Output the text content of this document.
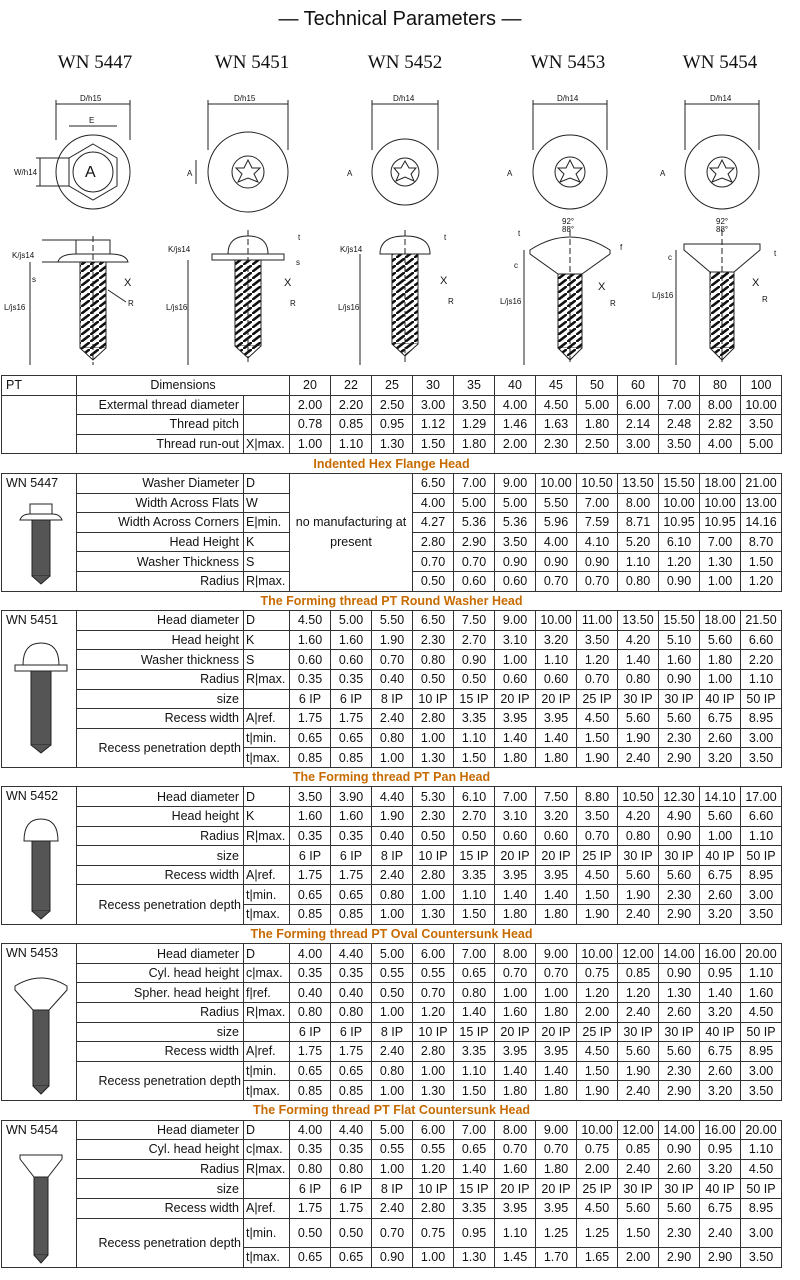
— Technical Parameters —
WN 5447	WN 5451	WN 5452	WN 5453	WN 5454
A
D/h15
E
W/h14
K/js14
s
L/js16
X
R
D/h15
A
K/js14
t
s
L/js16
X
R
D/h14
A
K/js14
t
L/js16
X
R
D/h14
A
92°
88°
t
c
f
L/js16
X
R
D/h14
A
92°
88°
c	t
L/js16
X
R
PT	Dimensions		20	22	25	30	35	40	45	50	60	70	80	100
	Extermal thread diameter		2.00	2.20	2.50	3.00	3.50	4.00	4.50	5.00	6.00	7.00	8.00	10.00
	Thread pitch		0.78	0.85	0.95	1.12	1.29	1.46	1.63	1.80	2.14	2.48	2.82	3.50
	Thread run-out	X|max.	1.00	1.10	1.30	1.50	1.80	2.00	2.30	2.50	3.00	3.50	4.00	5.00
Indented Hex Flange Head														

WN 5447	Washer Diameter	D	no manufacturing at present			6.50	7.00	9.00	10.00	10.50	13.50	15.50	18.00	21.00
	Width Across Flats	W				4.00	5.00	5.00	5.50	7.00	8.00	10.00	10.00	13.00
	Width Across Corners	E|min.				4.27	5.36	5.36	5.96	7.59	8.71	10.95	10.95	14.16
	Head Height	K				2.80	2.90	3.50	4.00	4.10	5.20	6.10	7.00	8.70
	Washer Thickness	S				0.70	0.70	0.90	0.90	0.90	1.10	1.20	1.30	1.50
	Radius	R|max.				0.50	0.60	0.60	0.70	0.70	0.80	0.90	1.00	1.20
The Forming thread PT Round Washer Head														

WN 5451	Head diameter	D	4.50	5.00	5.50	6.50	7.50	9.00	10.00	11.00	13.50	15.50	18.00	21.50
	Head height	K	1.60	1.60	1.90	2.30	2.70	3.10	3.20	3.50	4.20	5.10	5.60	6.60
	Washer thickness	S	0.60	0.60	0.70	0.80	0.90	1.00	1.10	1.20	1.40	1.60	1.80	2.20
	Radius	R|max.	0.35	0.35	0.40	0.50	0.50	0.60	0.60	0.70	0.80	0.90	1.00	1.10
	size		6 IP	6 IP	8 IP	10 IP	15 IP	20 IP	20 IP	25 IP	30 IP	30 IP	40 IP	50 IP
	Recess width	A|ref.	1.75	1.75	2.40	2.80	3.35	3.95	3.95	4.50	5.60	5.60	6.75	8.95
	Recess penetration depth	t|min.	0.65	0.65	0.80	1.00	1.10	1.40	1.40	1.50	1.90	2.30	2.60	3.00
		t|max.	0.85	0.85	1.00	1.30	1.50	1.80	1.80	1.90	2.40	2.90	3.20	3.50
The Forming thread PT Pan Head														

WN 5452	Head diameter	D	3.50	3.90	4.40	5.30	6.10	7.00	7.50	8.80	10.50	12.30	14.10	17.00
	Head height	K	1.60	1.60	1.90	2.30	2.70	3.10	3.20	3.50	4.20	4.90	5.60	6.60
	Radius	R|max.	0.35	0.35	0.40	0.50	0.50	0.60	0.60	0.70	0.80	0.90	1.00	1.10
	size		6 IP	6 IP	8 IP	10 IP	15 IP	20 IP	20 IP	25 IP	30 IP	30 IP	40 IP	50 IP
	Recess width	A|ref.	1.75	1.75	2.40	2.80	3.35	3.95	3.95	4.50	5.60	5.60	6.75	8.95
	Recess penetration depth	t|min.	0.65	0.65	0.80	1.00	1.10	1.40	1.40	1.50	1.90	2.30	2.60	3.00
		t|max.	0.85	0.85	1.00	1.30	1.50	1.80	1.80	1.90	2.40	2.90	3.20	3.50
The Forming thread PT Oval Countersunk Head														

WN 5453	Head diameter	D	4.00	4.40	5.00	6.00	7.00	8.00	9.00	10.00	12.00	14.00	16.00	20.00
	Cyl. head height	c|max.	0.35	0.35	0.55	0.55	0.65	0.70	0.70	0.75	0.85	0.90	0.95	1.10
	Spher. head height	f|ref.	0.40	0.40	0.50	0.70	0.80	1.00	1.00	1.20	1.20	1.30	1.40	1.60
	Radius	R|max.	0.80	0.80	1.00	1.20	1.40	1.60	1.80	2.00	2.40	2.60	3.20	4.50
	size		6 IP	6 IP	8 IP	10 IP	15 IP	20 IP	20 IP	25 IP	30 IP	30 IP	40 IP	50 IP
	Recess width	A|ref.	1.75	1.75	2.40	2.80	3.35	3.95	3.95	4.50	5.60	5.60	6.75	8.95
	Recess penetration depth	t|min.	0.65	0.65	0.80	1.00	1.10	1.40	1.40	1.50	1.90	2.30	2.60	3.00
		t|max.	0.85	0.85	1.00	1.30	1.50	1.80	1.80	1.90	2.40	2.90	3.20	3.50
The Forming thread PT Flat Countersunk Head														

WN 5454	Head diameter	D	4.00	4.40	5.00	6.00	7.00	8.00	9.00	10.00	12.00	14.00	16.00	20.00
	Cyl. head height	c|max.	0.35	0.35	0.55	0.55	0.65	0.70	0.70	0.75	0.85	0.90	0.95	1.10
	Radius	R|max.	0.80	0.80	1.00	1.20	1.40	1.60	1.80	2.00	2.40	2.60	3.20	4.50
	size		6 IP	6 IP	8 IP	10 IP	15 IP	20 IP	20 IP	25 IP	30 IP	30 IP	40 IP	50 IP
	Recess width	A|ref.	1.75	1.75	2.40	2.80	3.35	3.95	3.95	4.50	5.60	5.60	6.75	8.95
	Recess penetration depth	t|min.	0.50	0.50	0.70	0.75	0.95	1.10	1.25	1.25	1.50	2.30	2.40	3.00
		t|max.	0.65	0.65	0.90	1.00	1.30	1.45	1.70	1.65	2.00	2.90	2.90	3.50
